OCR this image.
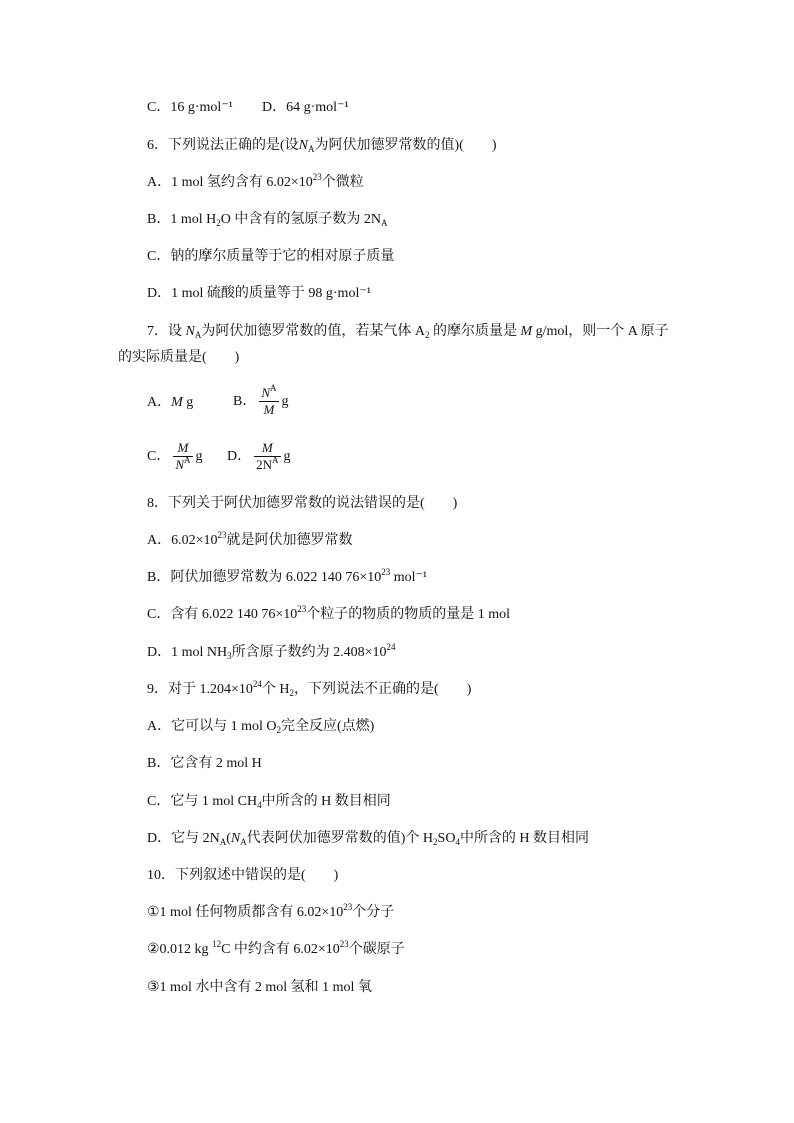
C．16 g·mol⁻¹ D．64 g·mol⁻¹
6．下列说法正确的是(设$N_A$为阿伏加德罗常数的值)(　　)
A．1 mol 氢约含有 $6.02\times 10^{23}$个微粒
B．1 mol $H_2O$ 中含有的氢原子数为 $2N_A$
C．钠的摩尔质量等于它的相对原子质量
D．1 mol 硫酸的质量等于 98 g·mol⁻¹
7．设 $N_A$为阿伏加德罗常数的值，若某气体 $A_2$ 的摩尔质量是 M g/mol，则一个 A 原子
的实际质量是(　　)
A．M g	B． $\frac{N^A}{M}$ g
C． $\frac{M}{N^A}$ g D． $\frac{M}{2N^A}$ g
8．下列关于阿伏加德罗常数的说法错误的是(　　)
A．$6.02\times 10^{23}$就是阿伏加德罗常数
B．阿伏加德罗常数为 6.022 140 $76\times 10^{23}$ mol⁻¹
C．含有 6.022 140 $76\times 10^{23}$个粒子的物质的物质的量是 1 mol
D．1 mol $NH_3$所含原子数约为 $2.408\times 10^{24}$
9．对于 $1.204\times 10^{24}$个 $H_2$，下列说法不正确的是(　　)
A．它可以与 1 mol $O_2$完全反应(点燃)
B．它含有 2 mol H
C．它与 1 mol $CH_4$中所含的 H 数目相同
D．它与 $2N_A(N_A$代表阿伏加德罗常数的值)个 $H_2SO_4$中所含的 H 数目相同
10．下列叙述中错误的是(　　)
①1 mol 任何物质都含有 $6.02\times 10^{23}$个分子
②0.012 kg $^{12}$C 中约含有 $6.02\times 10^{23}$个碳原子
③1 mol 水中含有 2 mol 氢和 1 mol 氧
